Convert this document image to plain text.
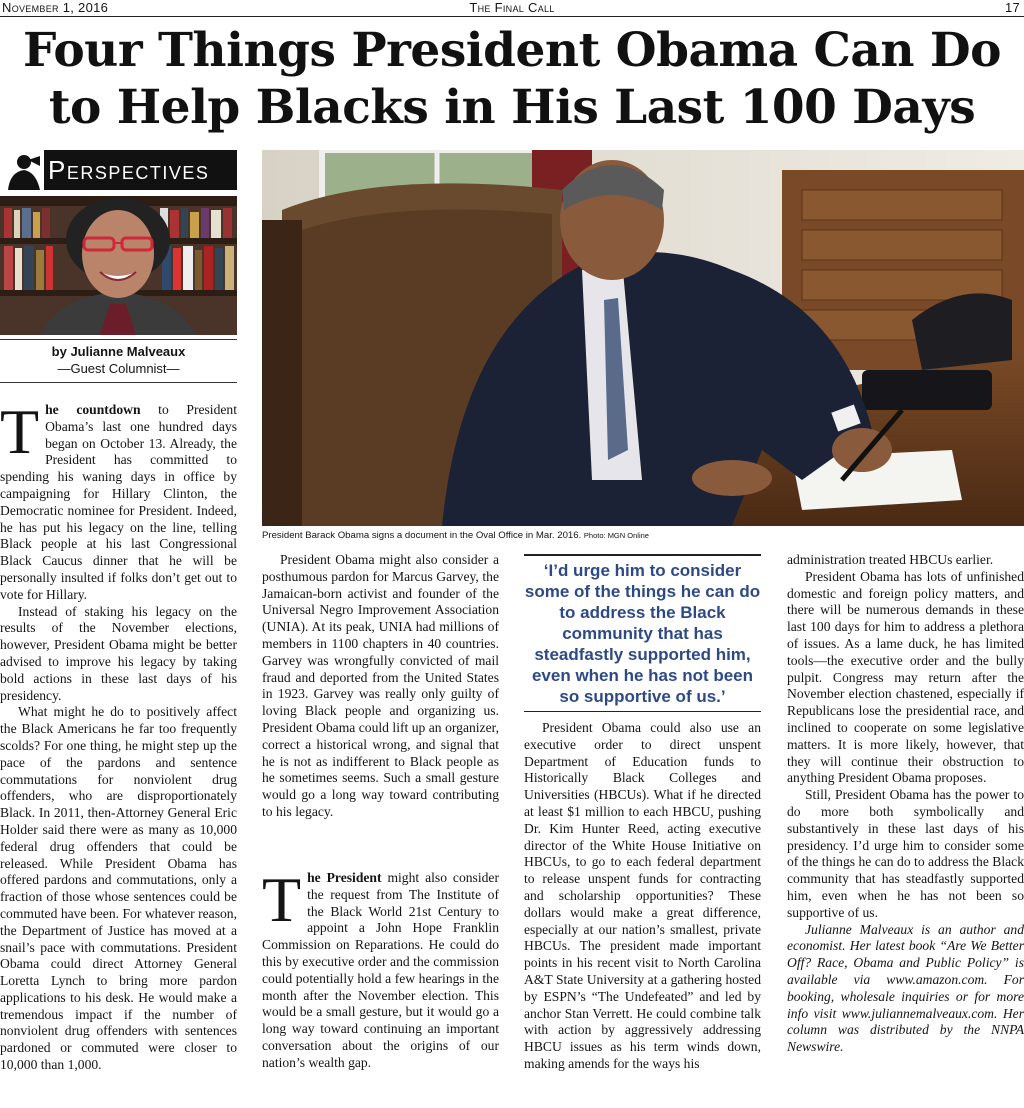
November 1, 2016	The Final Call	17
Four Things President Obama Can Do
to Help Blacks in His Last 100 Days
Perspectives
by Julianne Malveaux
—Guest Columnist—
President Barack Obama signs a document in the Oval Office in Mar. 2016. Photo: MGN Online

The countdown to President Obama’s last one hundred days began on October 13. Already, the President has committed to spending his waning days in office by campaigning for Hillary Clinton, the Democratic nominee for President. Indeed, he has put his legacy on the line, telling Black people at his last Congressional Black Caucus dinner that he will be personally insulted if folks don’t get out to vote for Hillary.

Instead of staking his legacy on the results of the November elections, however, President Obama might be better advised to improve his legacy by taking bold actions in these last days of his presidency.

What might he do to positively affect the Black Americans he far too frequently scolds? For one thing, he might step up the pace of the pardons and sentence commutations for nonviolent drug offenders, who are disproportionately Black. In 2011, then-Attorney General Eric Holder said there were as many as 10,000 federal drug offenders that could be released. While President Obama has offered pardons and commutations, only a fraction of those whose sentences could be commuted have been. For whatever reason, the Department of Justice has moved at a snail’s pace with commutations. President Obama could direct Attorney General Loretta Lynch to bring more pardon applications to his desk. He would make a tremendous impact if the number of nonviolent drug offenders with sentences pardoned or commuted were closer to 10,000 than 1,000.

President Obama might also consider a posthumous pardon for Marcus Garvey, the Jamaican-born activist and founder of the Universal Negro Improvement Association (UNIA). At its peak, UNIA had millions of members in 1100 chapters in 40 countries. Garvey was wrongfully convicted of mail fraud and deported from the United States in 1923. Garvey was really only guilty of loving Black people and organizing us. President Obama could lift up an organizer, correct a historical wrong, and signal that he is not as indifferent to Black people as he sometimes seems. Such a small gesture would go a long way toward contributing to his legacy.

The President might also consider the request from The Institute of the Black World 21st Century to appoint a John Hope Franklin Commission on Reparations. He could do this by executive order and the commission could potentially hold a few hearings in the month after the November election. This would be a small gesture, but it would go a long way toward continuing an important conversation about the origins of our nation’s wealth gap.

‘I’d urge him to consider some of the things he can do to address the Black community that has steadfastly supported him, even when he has not been so supportive of us.’

President Obama could also use an executive order to direct unspent Department of Education funds to Historically Black Colleges and Universities (HBCUs). What if he directed at least $1 million to each HBCU, pushing Dr. Kim Hunter Reed, acting executive director of the White House Initiative on HBCUs, to go to each federal department to release unspent funds for contracting and scholarship opportunities? These dollars would make a great difference, especially at our nation’s smallest, private HBCUs. The president made important points in his recent visit to North Carolina A&T State University at a gathering hosted by ESPN’s “The Undefeated” and led by anchor Stan Verrett. He could combine talk with action by aggressively addressing HBCU issues as his term winds down, making amends for the ways his

administration treated HBCUs earlier.

President Obama has lots of unfinished domestic and foreign policy matters, and there will be numerous demands in these last 100 days for him to address a plethora of issues. As a lame duck, he has limited tools—the executive order and the bully pulpit. Congress may return after the November election chastened, especially if Republicans lose the presidential race, and inclined to cooperate on some legislative matters. It is more likely, however, that they will continue their obstruction to anything President Obama proposes.

Still, President Obama has the power to do more both symbolically and substantively in these last days of his presidency. I’d urge him to consider some of the things he can do to address the Black community that has steadfastly supported him, even when he has not been so supportive of us.

Julianne Malveaux is an author and economist. Her latest book “Are We Better Off? Race, Obama and Public Policy” is available via www.amazon.com. For booking, wholesale inquiries or for more info visit www.juliannemalveaux.com. Her column was distributed by the NNPA Newswire.
